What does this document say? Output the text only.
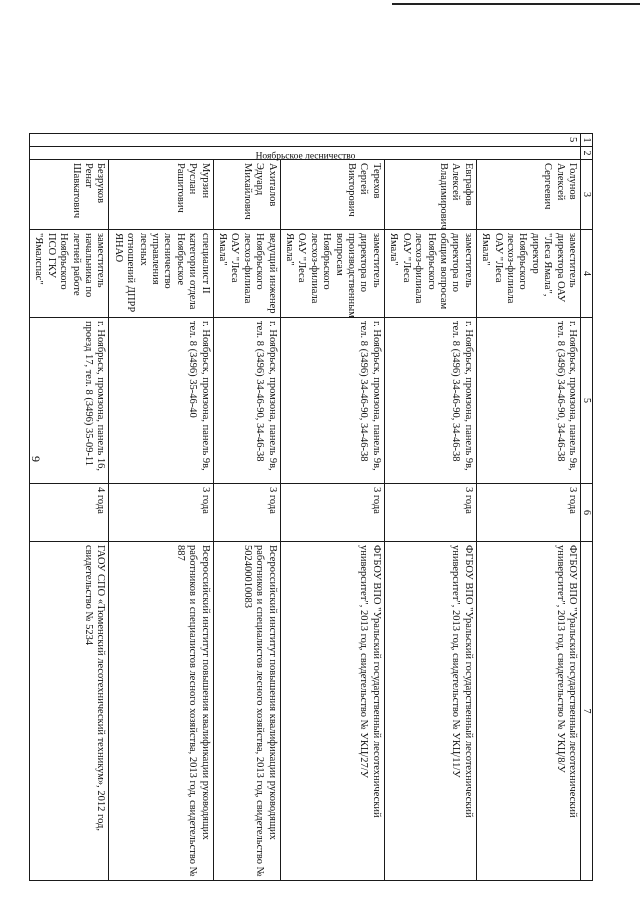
9
1	2	3	4	5	6	7
5	Ноябрьское лесничество	Голунов Алексей Сергеевич	заместитель директора ОАУ "Леса Ямала", директор Ноябрьского лесхоз-филиала ОАУ "Леса Ямала"	г. Ноябрьск, промзона, панель 9в, тел. 8 (3496) 34-46-90, 34-46-38	3 года	ФГБОУ ВПО "Уральский государственный лесотехнический университет", 2013 год, свидетельство № УКЦ/8/У
		Евграфов Алексей Владимирович	заместитель директора по общим вопросам Ноябрьского лесхоз-филиала ОАУ "Леса Ямала"	г. Ноябрьск, промзона, панель 9в, тел. 8 (3496) 34-46-90, 34-46-38	3 года	ФГБОУ ВПО "Уральский государственный лесотехнический университет", 2013 год, свидетельство № УКЦ/11/У
		Терехов Сергей Викторович	заместитель директора по производственным вопросам Ноябрьского лесхоз-филиала ОАУ "Леса Ямала"	г. Ноябрьск, промзона, панель 9в, тел. 8 (3496) 34-46-90, 34-46-38	3 года	ФГБОУ ВПО "Уральский государственный лесотехнический университет", 2013 год, свидетельство № УКЦ/27/У
		Ахиталов Эдуард Михайлович	ведущий инженер Ноябрьского лесхоз-филиала ОАУ "Леса Ямала"	г. Ноябрьск, промзона, панель 9в, тел. 8 (3496) 34-46-90, 34-46-38	3 года	Всероссийский институт повышения квалификации руководящих работников и специалистов лесного хозяйства, 2013 год, свидетельство № 502400010083
		Мурзин Руслан Рашитович	специалист II категории отдела Ноябрьское лесничество управления лесных отношений ДПРР ЯНАО	г. Ноябрьск, промзона, панель 9в, тел. 8 (3496) 35-46-40	3 года	Всероссийский институт повышения квалификации руководящих работников и специалистов лесного хозяйства, 2013 год, свидетельство № 887
		Безруков Ренат Шавкатович	заместитель начальника по летней работе Ноябрьского ПСО ГКУ "Ямалспас"	г. Ноябрьск, промзона, панель 16, проезд 17, тел. 8 (3496) 35-09-11	4 года	ГАОУ СПО «Тюменский лесотехнический техникум», 2012 год, свидетельство № 5234
